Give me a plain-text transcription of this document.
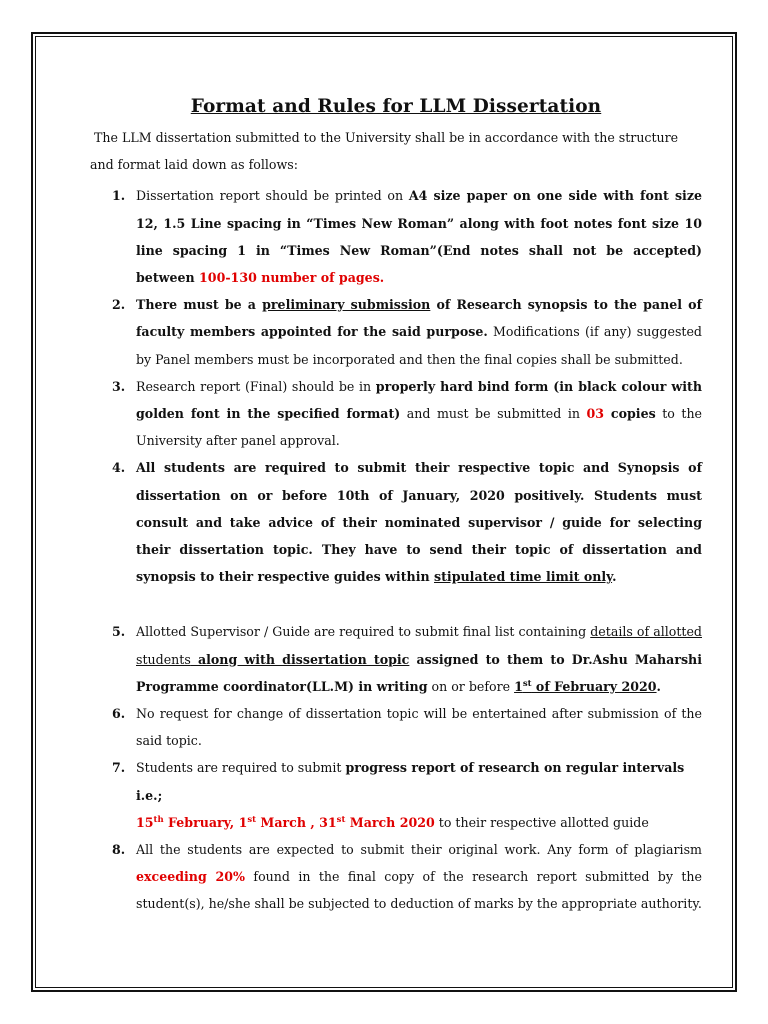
Format and Rules for LLM Dissertation

The LLM dissertation submitted to the University shall be in accordance with the structure and format laid down as follows:

1. Dissertation report should be printed on A4 size paper on one side with font size 12, 1.5 Line spacing in “Times New Roman” along with foot notes font size 10 line spacing 1 in “Times New Roman”(End notes shall not be accepted) between 100-130 number of pages.
2. There must be a preliminary submission of Research synopsis to the panel of faculty members appointed for the said purpose. Modifications (if any) suggested by Panel members must be incorporated and then the final copies shall be submitted.
3. Research report (Final) should be in properly hard bind form (in black colour with golden font in the specified format) and must be submitted in 03 copies to the University after panel approval.
4. All students are required to submit their respective topic and Synopsis of dissertation on or before 10th of January, 2020 positively. Students must consult and take advice of their nominated supervisor / guide for selecting their dissertation topic. They have to send their topic of dissertation and synopsis to their respective guides within stipulated time limit only.
5. Allotted Supervisor / Guide are required to submit final list containing details of allotted students along with dissertation topic assigned to them to Dr.Ashu Maharshi Programme coordinator(LL.M) in writing on or before 1st of February 2020.
6. No request for change of dissertation topic will be entertained after submission of the said topic.
7. Students are required to submit progress report of research on regular intervals i.e.;
15th February, 1st March , 31st March 2020 to their respective allotted guide
8. All the students are expected to submit their original work. Any form of plagiarism exceeding 20% found in the final copy of the research report submitted by the student(s), he/she shall be subjected to deduction of marks by the appropriate authority.
